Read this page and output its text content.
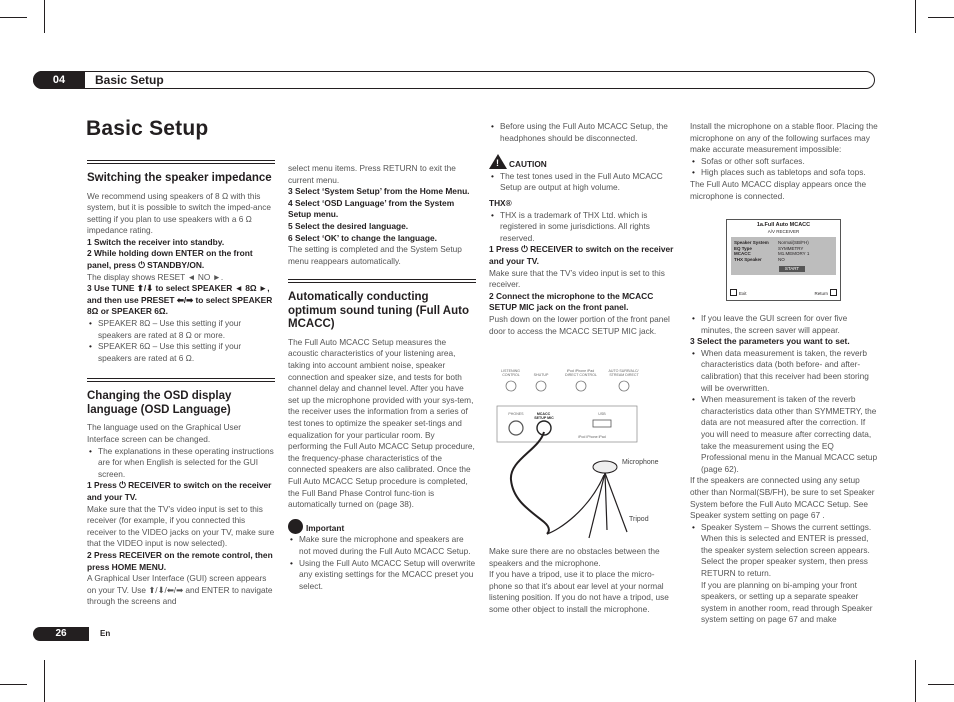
04	Basic Setup
Basic Setup
Switching the speaker impedance

We recommend using speakers of 8 Ω with this system, but it is possible to switch the imped-ance setting if you plan to use speakers with a 6 Ω impedance rating.

1 Switch the receiver into standby.

2 While holding down ENTER on the front panel, press ⏻ STANDBY/ON.

The display shows RESET ◄ NO ►.

3 Use TUNE ⬆/⬇ to select SPEAKER ◄ 8Ω ►, and then use PRESET ⬅/➡ to select SPEAKER 8Ω or SPEAKER 6Ω.

• SPEAKER 8Ω – Use this setting if your speakers are rated at 8 Ω or more.
• SPEAKER 6Ω – Use this setting if your speakers are rated at 6 Ω.
Changing the OSD display language (OSD Language)

The language used on the Graphical User Interface screen can be changed.

• The explanations in these operating instructions are for when English is selected for the GUI screen.

1 Press ⏻ RECEIVER to switch on the receiver and your TV.

Make sure that the TV’s video input is set to this receiver (for example, if you connected this receiver to the VIDEO jacks on your TV, make sure that the VIDEO input is now selected).

2 Press RECEIVER on the remote control, then press HOME MENU.

A Graphical User Interface (GUI) screen appears on your TV. Use ⬆/⬇/⬅/➡ and ENTER to navigate through the screens and

select menu items. Press RETURN to exit the current menu.

3 Select ‘System Setup’ from the Home Menu.

4 Select ‘OSD Language’ from the System Setup menu.

5 Select the desired language.

6 Select ‘OK’ to change the language.

The setting is completed and the System Setup menu reappears automatically.

Automatically conducting optimum sound tuning (Full Auto MCACC)

The Full Auto MCACC Setup measures the acoustic characteristics of your listening area, taking into account ambient noise, speaker connection and speaker size, and tests for both channel delay and channel level. After you have set up the microphone provided with your sys-tem, the receiver uses the information from a series of test tones to optimize the speaker set-tings and equalization for your particular room. By performing the Full Auto MCACC Setup procedure, the frequency-phase characteristics of the connected speakers are also calibrated. Once the Full Auto MCACC Setup procedure is completed, the Full Band Phase Control func-tion is automatically turned on (page 38).

Important

• Make sure the microphone and speakers are not moved during the Full Auto MCACC Setup.
• Using the Full Auto MCACC Setup will overwrite any existing settings for the MCACC preset you select.
• Before using the Full Auto MCACC Setup, the headphones should be disconnected.

! CAUTION

• The test tones used in the Full Auto MCACC Setup are output at high volume.

THX®

• THX is a trademark of THX Ltd. which is registered in some jurisdictions. All rights reserved.

1 Press ⏻ RECEIVER to switch on the receiver and your TV.

Make sure that the TV’s video input is set to this receiver.

2 Connect the microphone to the MCACC SETUP MIC jack on the front panel.

Push down on the lower portion of the front panel door to access the MCACC SETUP MIC jack.

LISTENING CONTROL	SHUTUP
iPod iPhone iPad DIRECT CONTROL
AUTO SURR/ALC/ STREAM DIRECT
PHONES	MCACC SETUP MIC
USB
iPod iPhone iPad
Microphone
Tripod

Make sure there are no obstacles between the speakers and the microphone.

If you have a tripod, use it to place the micro-phone so that it’s about ear level at your normal listening position. If you do not have a tripod, use some other object to install the microphone.

Install the microphone on a stable floor. Placing the microphone on any of the following surfaces may make accurate measurement impossible:

• Sofas or other soft surfaces.
• High places such as tabletops and sofa tops.

The Full Auto MCACC display appears once the microphone is connected.

1a.Full Auto MCACC
A/V RECEIVER
Speaker System	Normal(SB/FH)
EQ Type	SYMMETRY
MCACC	M1.MEMORY 1
THX Speaker	NO
START
Exit	Return
• If you leave the GUI screen for over five minutes, the screen saver will appear.

3 Select the parameters you want to set.

• When data measurement is taken, the reverb characteristics data (both before- and after-calibration) that this receiver had been storing will be overwritten.
• When measurement is taken of the reverb characteristics data other than SYMMETRY, the data are not measured after the correction. If you will need to measure after correcting data, take the measurement using the EQ Professional menu in the Manual MCACC setup (page 62).

If the speakers are connected using any setup other than Normal(SB/FH), be sure to set Speaker System before the Full Auto MCACC Setup. See Speaker system setting on page 67 .

• Speaker System – Shows the current settings. When this is selected and ENTER is pressed, the speaker system selection screen appears. Select the proper speaker system, then press RETURN to return.

If you are planning on bi-amping your front speakers, or setting up a separate speaker system in another room, read through Speaker system setting on page 67 and make

26	En
